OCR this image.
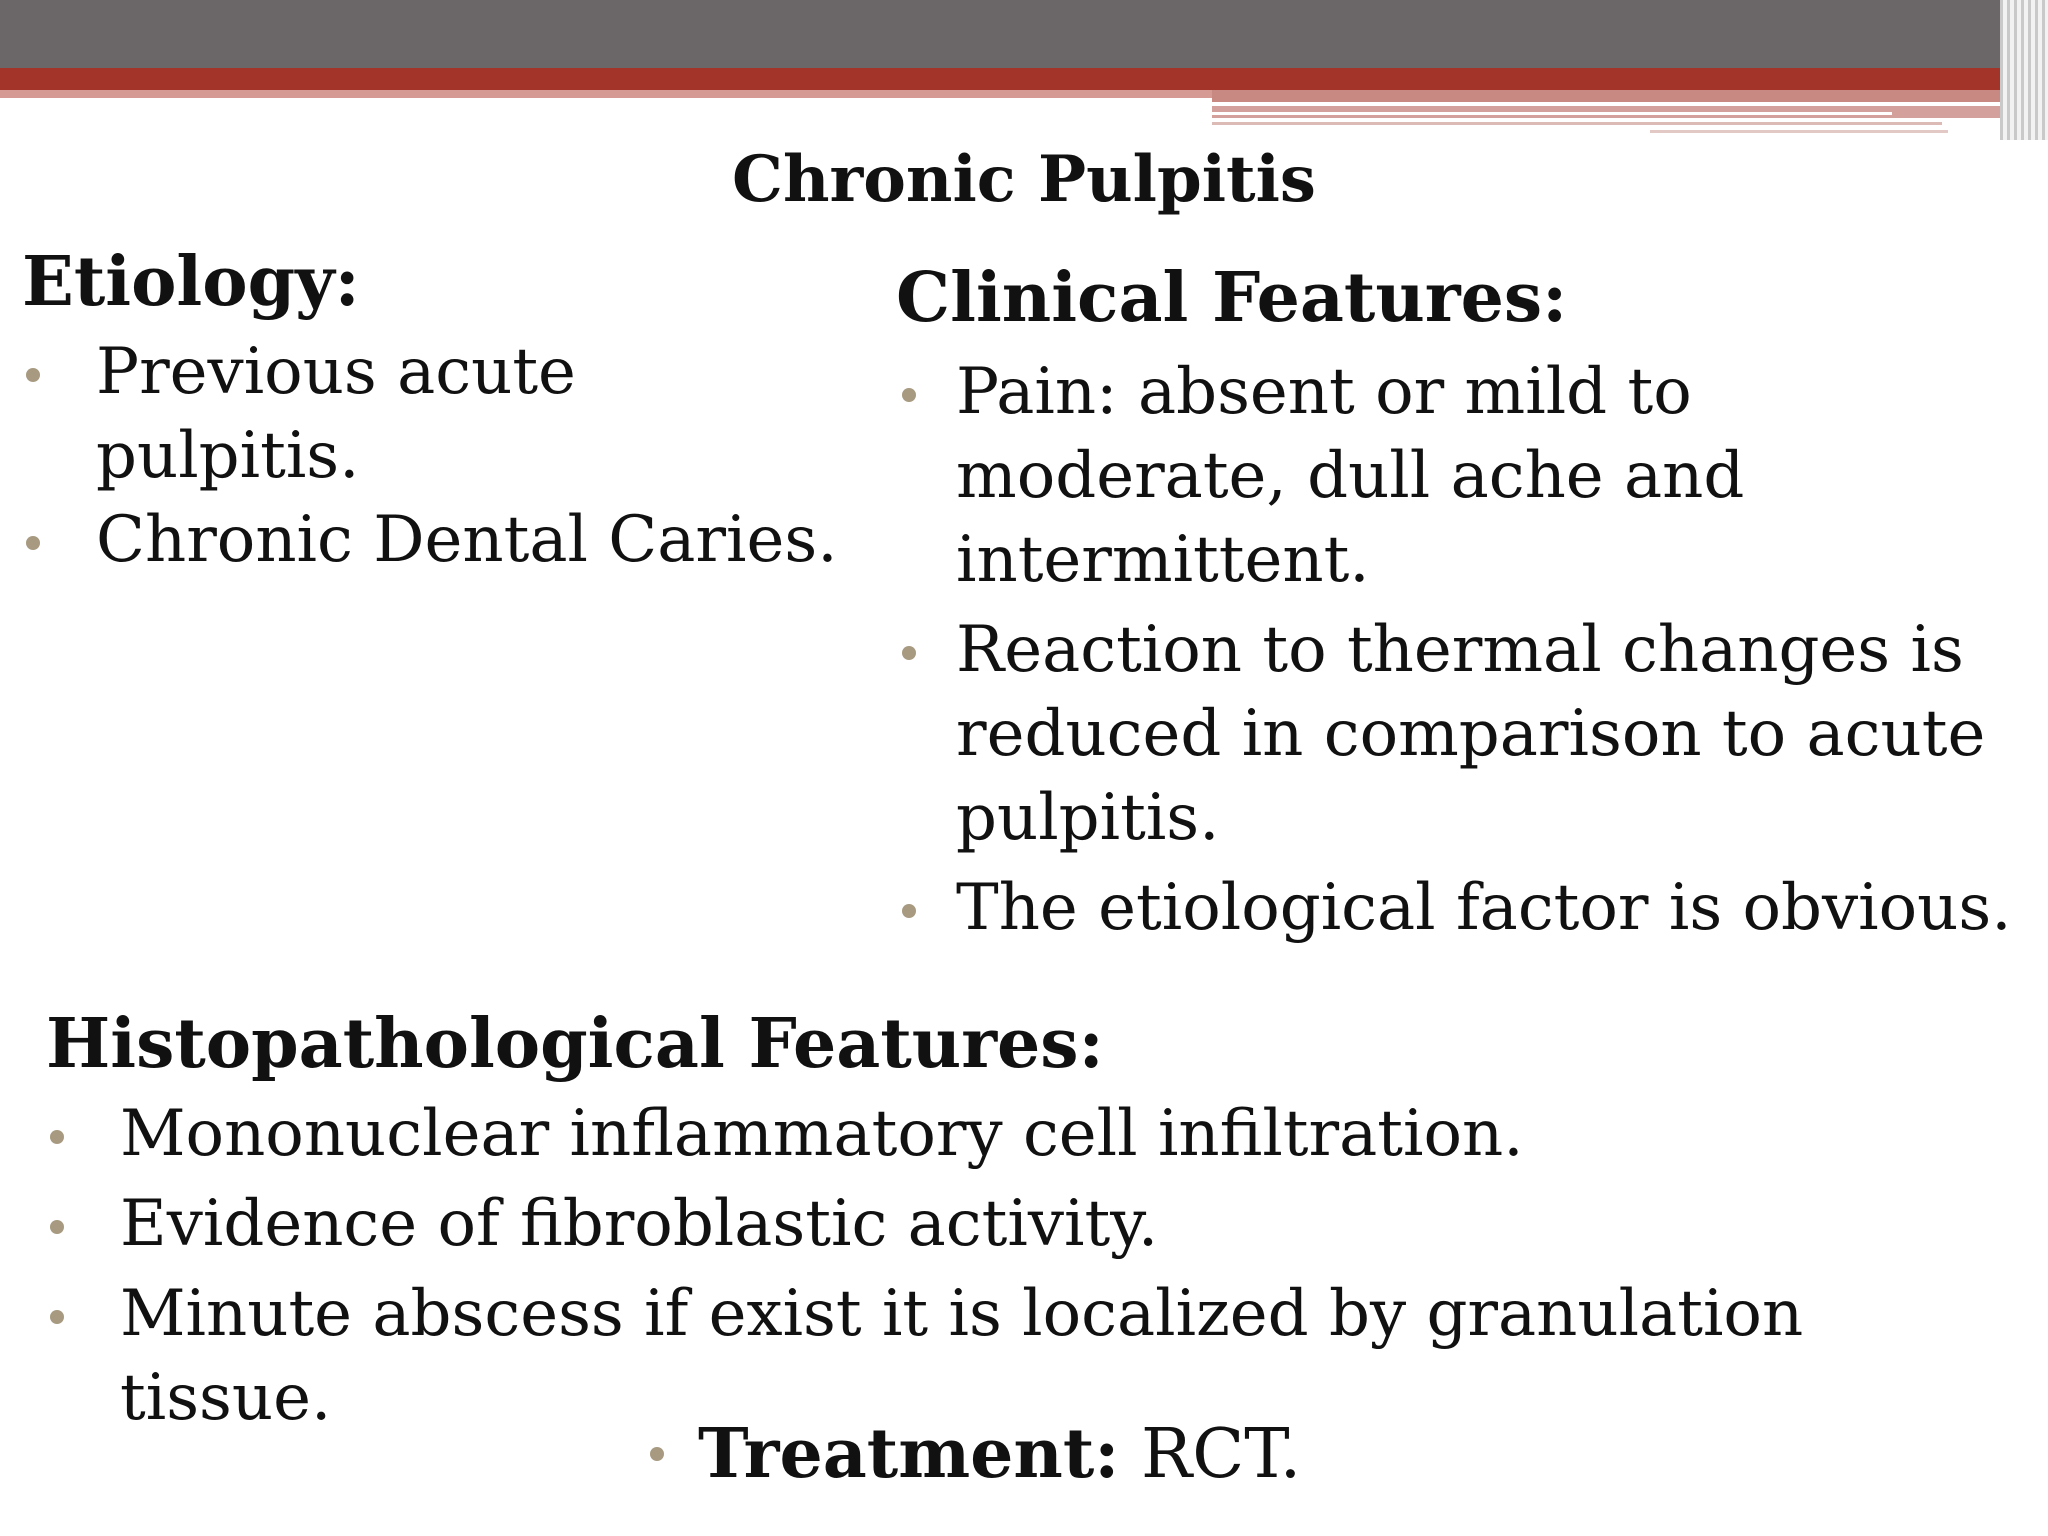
Chronic Pulpitis
Etiology:
Previous acute pulpitis.
Chronic Dental Caries.
Clinical Features:
Pain: absent or mild to moderate, dull ache and intermittent.
Reaction to thermal changes is reduced in comparison to acute pulpitis.
The etiological factor is obvious.
Histopathological Features:
Mononuclear inflammatory cell infiltration.
Evidence of fibroblastic activity.
Minute abscess if exist it is localized by granulation tissue.
Treatment: RCT.
